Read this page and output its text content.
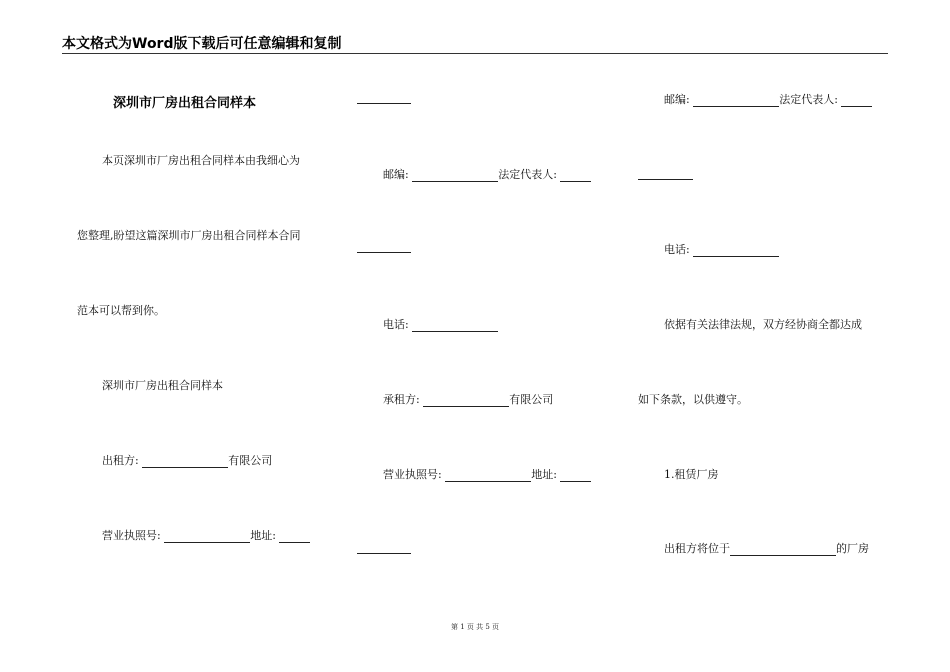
本文格式为Word版下载后可任意编辑和复制
深圳市厂房出租合同样本
本页深圳市厂房出租合同样本由我细心为
您整理,盼望这篇深圳市厂房出租合同样本合同
范本可以帮到你。
深圳市厂房出租合同样本
出租方:	有限公司
营业执照号:	地址:
邮编:	法定代表人:
电话:
承租方:	有限公司
营业执照号:	地址:
邮编:	法定代表人:
电话:
依据有关法律法规，双方经协商全都达成
如下条款，以供遵守。
1.租赁厂房
出租方将位于	的厂房
第 1 页 共 5 页
